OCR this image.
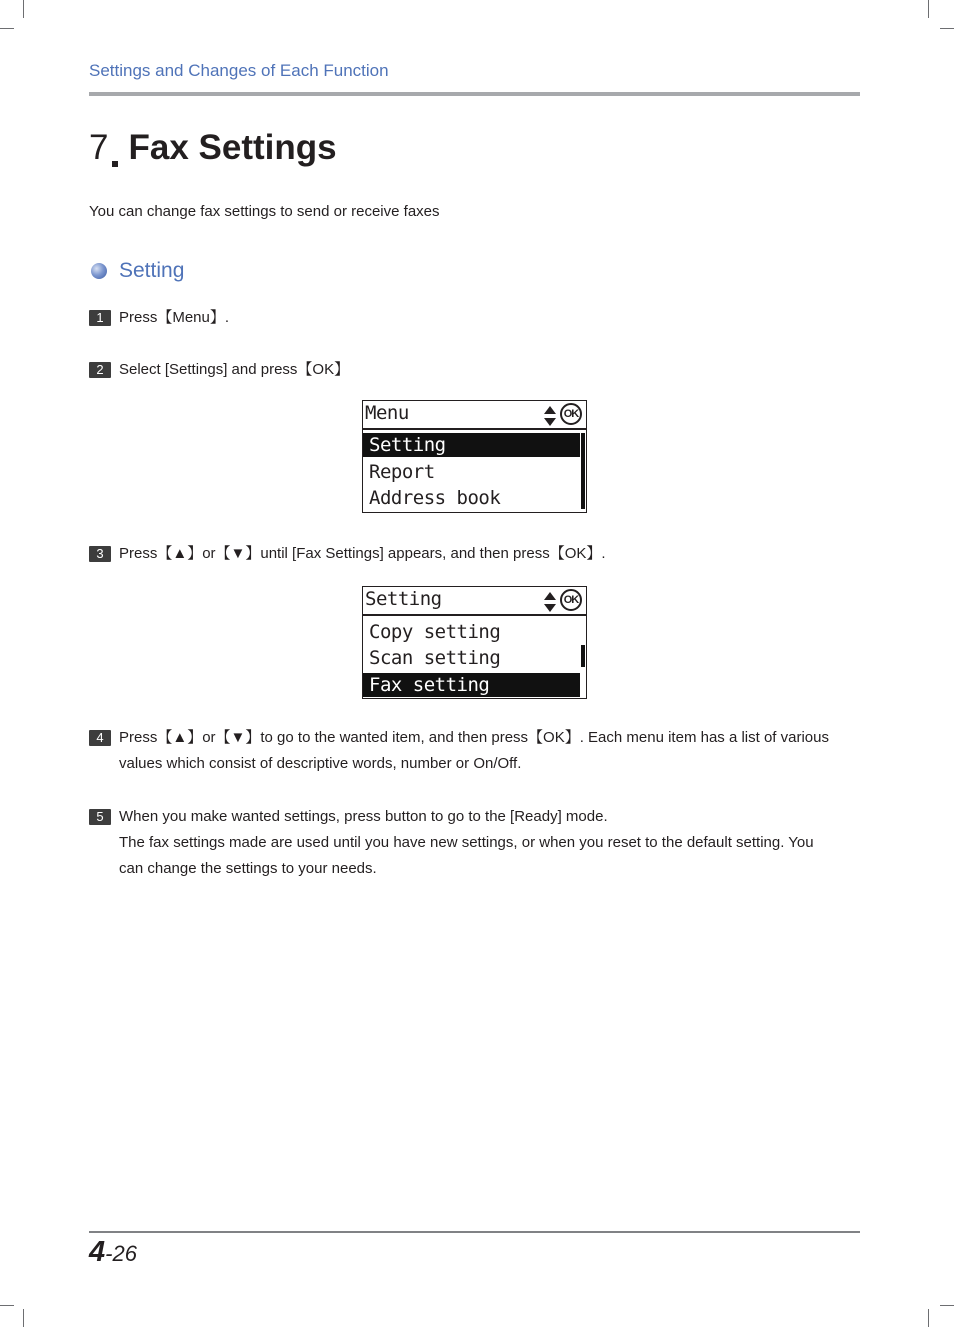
Settings and Changes of Each Function
7 Fax Settings
You can change fax settings to send or receive faxes
Setting
1	Press【Menu】.
2	Select [Settings] and press【OK】
Menu	OK
Setting
Report
Address book
3	Press【▲】or【▼】until [Fax Settings] appears, and then press【OK】.
Setting	OK
Copy setting
Scan setting
Fax setting
4	Press【▲】or【▼】to go to the wanted item, and then press【OK】. Each menu item has a list of various
values which consist of descriptive words, number or On/Off.
5	When you make wanted settings, press button to go to the [Ready] mode.
The fax settings made are used until you have new settings, or when you reset to the default setting. You
can change the settings to your needs.
4-26
